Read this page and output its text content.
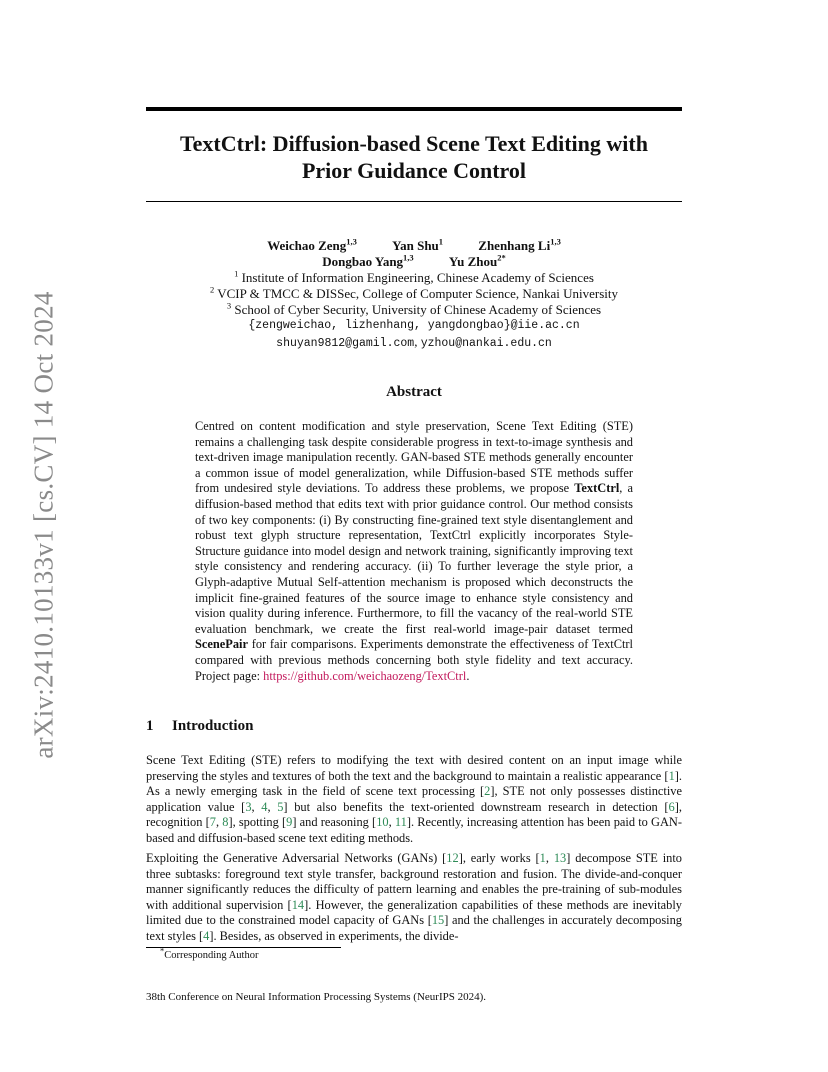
arXiv:2410.10133v1 [cs.CV] 14 Oct 2024
TextCtrl: Diffusion-based Scene Text Editing with
Prior Guidance Control
Weichao Zeng$^{1,3}$	Yan Shu$^1$	Zhenhang Li$^{1,3}$
Dongbao Yang$^{1,3}$	Yu Zhou$^{2*}$
$^1$ Institute of Information Engineering, Chinese Academy of Sciences
$^2$ VCIP & TMCC & DISSec, College of Computer Science, Nankai University
$^3$ School of Cyber Security, University of Chinese Academy of Sciences
{zengweichao, lizhenhang, yangdongbao}@iie.ac.cn
shuyan9812@gamil.com, yzhou@nankai.edu.cn
Abstract
Centred on content modification and style preservation, Scene Text Editing (STE) remains a challenging task despite considerable progress in text-to-image synthesis and text-driven image manipulation recently. GAN-based STE methods generally encounter a common issue of model generalization, while Diffusion-based STE methods suffer from undesired style deviations. To address these problems, we propose TextCtrl, a diffusion-based method that edits text with prior guidance control. Our method consists of two key components: (i) By constructing fine-grained text style disentanglement and robust text glyph structure representation, TextCtrl explicitly incorporates Style-Structure guidance into model design and network training, significantly improving text style consistency and rendering accuracy. (ii) To further leverage the style prior, a Glyph-adaptive Mutual Self-attention mechanism is proposed which deconstructs the implicit fine-grained features of the source image to enhance style consistency and vision quality during inference. Furthermore, to fill the vacancy of the real-world STE evaluation benchmark, we create the first real-world image-pair dataset termed ScenePair for fair comparisons. Experiments demonstrate the effectiveness of TextCtrl compared with previous methods concerning both style fidelity and text accuracy. Project page: https://github.com/weichaozeng/TextCtrl.
1 Introduction
Scene Text Editing (STE) refers to modifying the text with desired content on an input image while preserving the styles and textures of both the text and the background to maintain a realistic appearance [1]. As a newly emerging task in the field of scene text processing [2], STE not only possesses distinctive application value [3, 4, 5] but also benefits the text-oriented downstream research in detection [6], recognition [7, 8], spotting [9] and reasoning [10, 11]. Recently, increasing attention has been paid to GAN-based and diffusion-based scene text editing methods.
Exploiting the Generative Adversarial Networks (GANs) [12], early works [1, 13] decompose STE into three subtasks: foreground text style transfer, background restoration and fusion. The divide-and-conquer manner significantly reduces the difficulty of pattern learning and enables the pre-training of sub-modules with additional supervision [14]. However, the generalization capabilities of these methods are inevitably limited due to the constrained model capacity of GANs [15] and the challenges in accurately decomposing text styles [4]. Besides, as observed in experiments, the divide-
*Corresponding Author
38th Conference on Neural Information Processing Systems (NeurIPS 2024).
